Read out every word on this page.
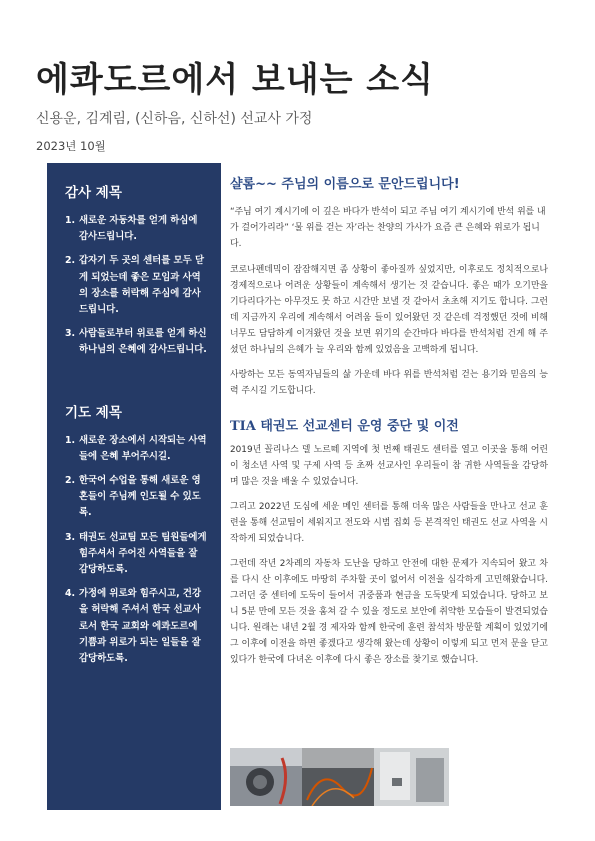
에콰도르에서 보내는 소식
신용운, 김계림, (신하음, 신하선) 선교사 가정
2023년 10월
감사 제목
1. 새로운 자동차를 얻게 하심에 감사드립니다.
2. 갑자기 두 곳의 센터를 모두 닫게 되었는데 좋은 모임과 사역의 장소를 허락해 주심에 감사드립니다.
3. 사람들로부터 위로를 얻게 하신 하나님의 은혜에 감사드립니다.
기도 제목
1. 새로운 장소에서 시작되는 사역들에 은혜 부어주시길.
2. 한국어 수업을 통해 새로운 영혼들이 주님께 인도될 수 있도록.
3. 태권도 선교팀 모든 팀원들에게 힘주셔서 주어진 사역들을 잘 감당하도록.
4. 가정에 위로와 힘주시고, 건강을 허락해 주셔서 한국 선교사로서 한국 교회와 에콰도르에 기쁨과 위로가 되는 일들을 잘 감당하도록.
샬롬~~ 주님의 이름으로 문안드립니다!

“주님 여기 계시기에 이 깊은 바다가 반석이 되고 주님 여기 계시기에 반석 위를 내가 걸어가리라” ‘물 위를 걷는 자’라는 찬양의 가사가 요즘 큰 은혜와 위로가 됩니다.

코로나펜데믹이 잠잠해지면 좀 상황이 좋아질까 싶었지만, 이후로도 정치적으로나 경제적으로나 어려운 상황들이 계속해서 생기는 것 같습니다. 좋은 때가 오기만을 기다리다가는 아무것도 못 하고 시간만 보낼 것 같아서 초초해 지기도 합니다. 그런데 지금까지 우리에 계속해서 어려움 들이 있어왔던 것 같은데 걱정했던 것에 비해 너무도 담담하게 이겨왔던 것을 보면 위기의 순간마다 바다를 반석처럼 건게 해 주셨던 하나님의 은혜가 늘 우리와 함께 있었음을 고백하게 됩니다.

사랑하는 모든 동역자님들의 삶 가운데 바다 위를 반석처럼 걷는 용기와 믿음의 능력 주시길 기도합니다.

TIA 태권도 선교센터 운영 중단 및 이전

2019년 꼴리나스 델 노르떼 지역에 첫 번째 태권도 센터를 열고 이곳을 통해 어린이 청소년 사역 및 구제 사역 등 초짜 선교사인 우리들이 참 귀한 사역들을 감당하며 많은 것을 배울 수 있었습니다.

그리고 2022년 도심에 세운 메인 센터를 통해 더욱 많은 사람들을 만나고 선교 훈련을 통해 선교팀이 세워지고 전도와 시범 집회 등 본격적인 태권도 선교 사역을 시작하게 되었습니다.

그런데 작년 2차례의 자동차 도난을 당하고 안전에 대한 문제가 지속되어 왔고 차를 다시 산 이후에도 마땅히 주차할 곳이 없어서 이전을 심각하게 고민해왔습니다. 그러던 중 센터에 도둑이 들어서 귀중품과 현금을 도둑맞게 되었습니다. 당하고 보니 5분 만에 모든 것을 훔쳐 갈 수 있을 정도로 보안에 취약한 모습들이 발견되었습니다. 원래는 내년 2월 경 제자와 함께 한국에 훈련 참석차 방문할 계획이 있었기에 그 이후에 이전을 하면 좋겠다고 생각해 왔는데 상황이 이렇게 되고 먼저 문을 닫고 있다가 한국에 다녀온 이후에 다시 좋은 장소를 찾기로 했습니다.
